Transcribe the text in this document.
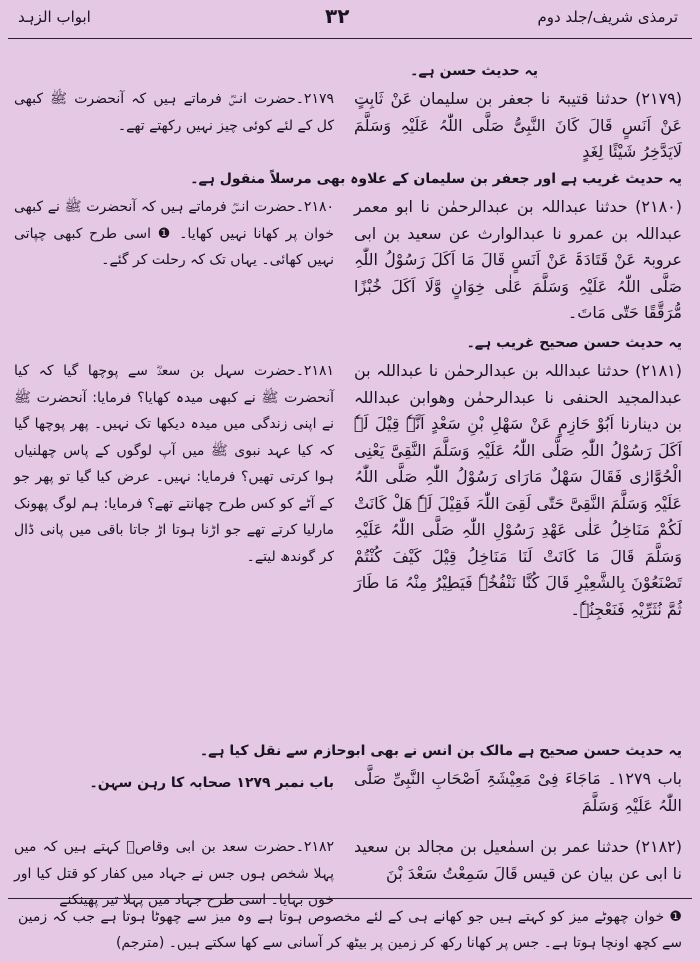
ترمذی شریف/جلد دوم
۳۲
ابواب الزہد
یہ حدیث حسن ہے۔
(۲۱۷۹) حدثنا قتیبۃ نا جعفر بن سلیمان عَنْ ثَابِتٍ عَنْ اَنَسٍ قَالَ كَانَ النَّبِیُّ صَلَّی اللّٰہُ عَلَیْہِ وَسَلَّمَ لَایَدَّخِرُ شَیْئًا لِغَدٍ
۲۱۷۹۔حضرت انسؓ فرماتے ہیں کہ آنحضرت ﷺ کبھی کل کے لئے کوئی چیز نہیں رکھتے تھے۔
یہ حدیث غریب ہے اور جعفر بن سلیمان کے علاوہ بھی مرسلاً منقول ہے۔
(۲۱۸۰) حدثنا عبداللہ بن عبدالرحمٰن نا ابو معمر عبداللہ بن عمرو نا عبدالوارث عن سعید بن ابی عروبۃ عَنْ قَتَادَۃَ عَنْ اَنَسٍ قَالَ مَا اَكَلَ رَسُوْلُ اللّٰہِ صَلَّی اللّٰہُ عَلَیْہِ وَسَلَّمَ عَلٰی خِوَانٍ وَّلَا اَكَلَ خُبْزًا مُّرَقَّقًا حَتّٰی مَاتَ۔
۲۱۸۰۔حضرت انسؓ فرماتے ہیں کہ آنحضرت ﷺ نے کبھی خوان پر کھانا نہیں کھایا۔ ❶ اسی طرح کبھی چپاتی نہیں کھائی۔ یہاں تک کہ رحلت کر گئے۔
یہ حدیث حسن صحیح غریب ہے۔
(۲۱۸۱) حدثنا عبداللہ بن عبدالرحمٰن نا عبداللہ بن عبدالمجید الحنفی نا عبدالرحمٰن وھوابن عبداللہ بن دینارنا اَبُوْ حَازِمٍ عَنْ سَھْلِ بْنِ سَعْدٍ اَنَّہٗ قِیْلَ لَہٗ اَكَلَ رَسُوْلُ اللّٰہِ صَلَّی اللّٰہُ عَلَیْہِ وَسَلَّمَ النَّقِیَّ یَعْنِی الْحُوَّارٰی فَقَالَ سَھْلٌ مَارَای رَسُوْلُ اللّٰہِ صَلَّی اللّٰہُ عَلَیْہِ وَسَلَّمَ النَّقِیَّ حَتّٰی لَقِیَ اللّٰہَ فَقِیْلَ لَہٗ ھَلْ كَانَتْ لَكُمْ مَنَاخِلُ عَلٰی عَھْدِ رَسُوْلِ اللّٰہِ صَلَّی اللّٰہُ عَلَیْہِ وَسَلَّمَ قَالَ مَا كَانَتْ لَنَا مَنَاخِلُ قِیْلَ كَیْفَ كُنْتُمْ تَصْنَعُوْنَ بِالشَّعِیْرِ قَالَ كُنَّا نَنْفُخُہٗ فَیَطِیْرُ مِنْہُ مَا طَارَ ثُمَّ نُثَرِّیْہِ فَنَعْجِنُہٗ۔
۲۱۸۱۔حضرت سہل بن سعدؓ سے پوچھا گیا کہ کیا آنحضرت ﷺ نے کبھی میدہ کھایا؟ فرمایا: آنحضرت ﷺ نے اپنی زندگی میں میدہ دیکھا تک نہیں۔ پھر پوچھا گیا کہ کیا عہد نبوی ﷺ میں آپ لوگوں کے پاس چھلنیاں ہوا کرتی تھیں؟ فرمایا: نہیں۔ عرض کیا گیا تو پھر جو کے آٹے کو کس طرح چھانتے تھے؟ فرمایا: ہم لوگ پھونک مارلیا کرتے تھے جو اڑنا ہوتا اڑ جاتا باقی میں پانی ڈال کر گوندھ لیتے۔
یہ حدیث حسن صحیح ہے مالک بن انس نے بھی ابوحازم سے نقل کیا ہے۔
باب ۱۲۷۹۔ مَاجَاءَ فِیْ مَعِیْشَۃِ اَصْحَابِ النَّبِیِّ صَلَّی اللّٰہُ عَلَیْہِ وَسَلَّمَ
باب نمبر ۱۲۷۹ صحابہ کا رہن سہن۔
(۲۱۸۲) حدثنا عمر بن اسمٰعیل بن مجالد بن سعید نا ابی عن بیان عن قیس قَالَ سَمِعْتُ سَعْدَ بْنَ
۲۱۸۲۔حضرت سعد بن ابی وقاصؓ کہتے ہیں کہ میں پہلا شخص ہوں جس نے جہاد میں کفار کو قتل کیا اور خون بہایا۔ اسی طرح جہاد میں پہلا تیر پھینکنے
❶ خوان چھوٹے میز کو کہتے ہیں جو کھانے ہی کے لئے مخصوص ہوتا ہے وہ میز سے چھوٹا ہوتا ہے جب کہ زمین سے کچھ اونچا ہوتا ہے۔ جس پر کھانا رکھ کر زمین پر بیٹھ کر آسانی سے کھا سکتے ہیں۔ (مترجم)
